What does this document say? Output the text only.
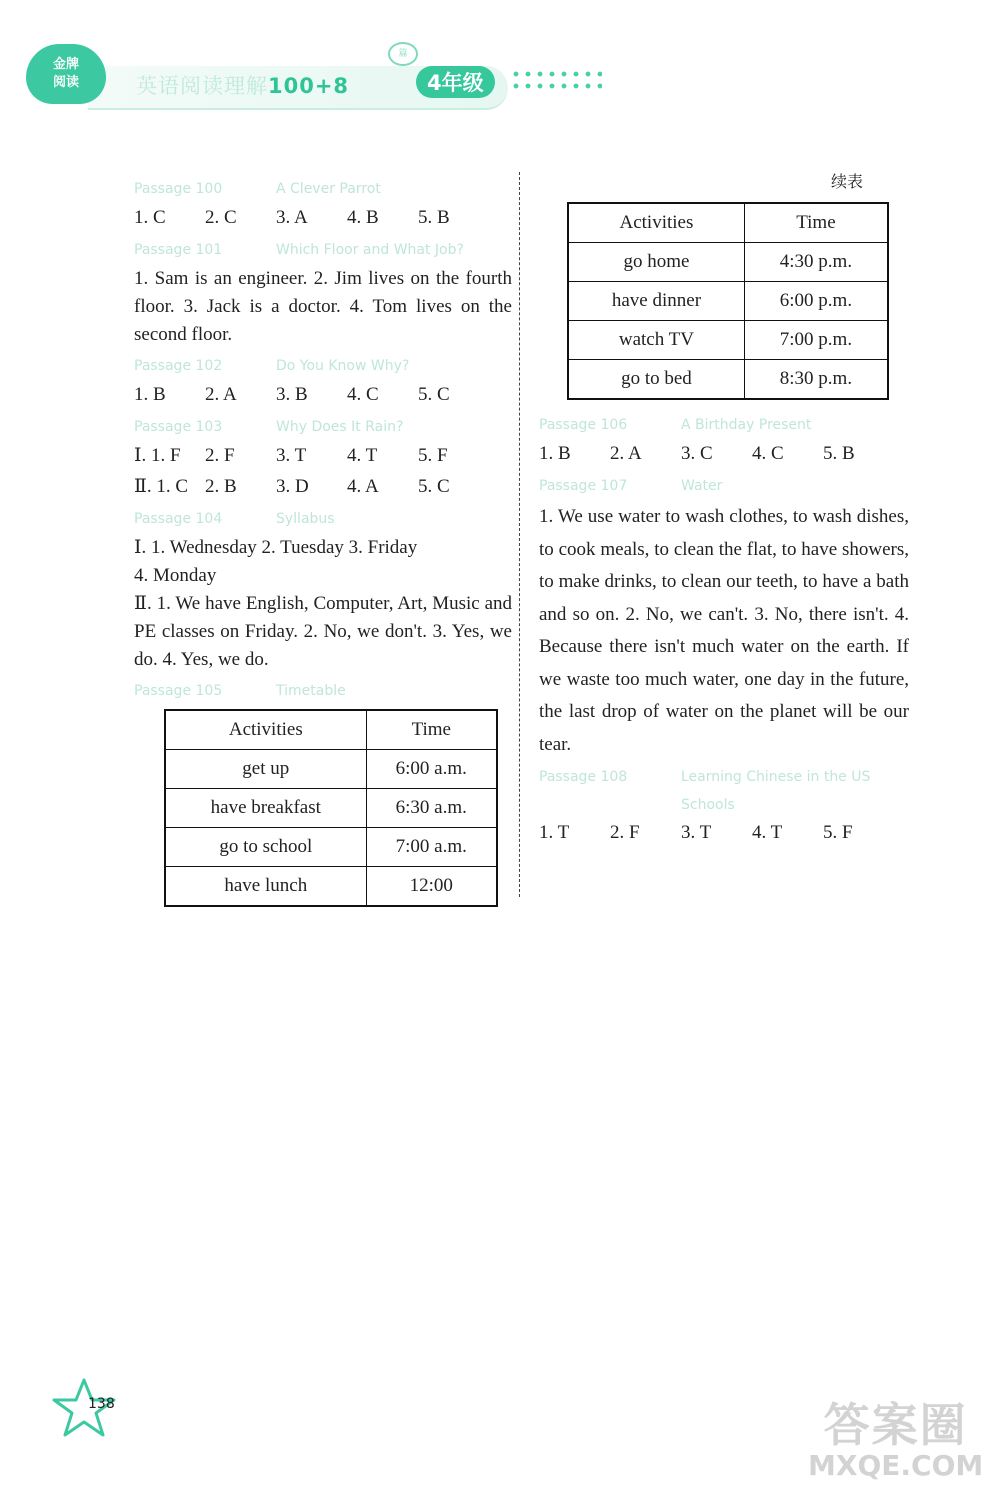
金牌
阅读	英语阅读理解100+8
篇
4年级
Passage 100	A Clever Parrot
1. C	2. C	3. A	4. B	5. B
Passage 101	Which Floor and What Job?

1. Sam is an engineer. 2. Jim lives on the fourth floor. 3. Jack is a doctor. 4. Tom lives on the second floor.

Passage 102	Do You Know Why?
1. B	2. A	3. B	4. C	5. C
Passage 103	Why Does It Rain?
Ⅰ. 1. F	2. F	3. T	4. T	5. F
Ⅱ. 1. C 2. B	3. D	4. A	5. C
Passage 104	Syllabus

Ⅰ. 1. Wednesday 2. Tuesday 3. Friday

4. Monday

Ⅱ. 1. We have English, Computer, Art, Music and PE classes on Friday. 2. No, we don't. 3. Yes, we do. 4. Yes, we do.

Passage 105	Timetable
Activities	Time
get up	6:00 a.m.
have breakfast	6:30 a.m.
go to school	7:00 a.m.
have lunch	12:00
续表
Activities	Time
go home	4:30 p.m.
have dinner	6:00 p.m.
watch TV	7:00 p.m.
go to bed	8:30 p.m.
Passage 106	A Birthday Present
1. B	2. A	3. C	4. C	5. B
Passage 107	Water

1. We use water to wash clothes, to wash dishes, to cook meals, to clean the flat, to have showers, to make drinks, to clean our teeth, to have a bath and so on. 2. No, we can't. 3. No, there isn't. 4. Because there isn't much water on the earth. If we waste too much water, one day in the future, the last drop of water on the planet will be our tear.

Passage 108	Learning Chinese in the US Schools
1. T	2. F	3. T	4. T	5. F
138	答案圈
MXQE.COM
